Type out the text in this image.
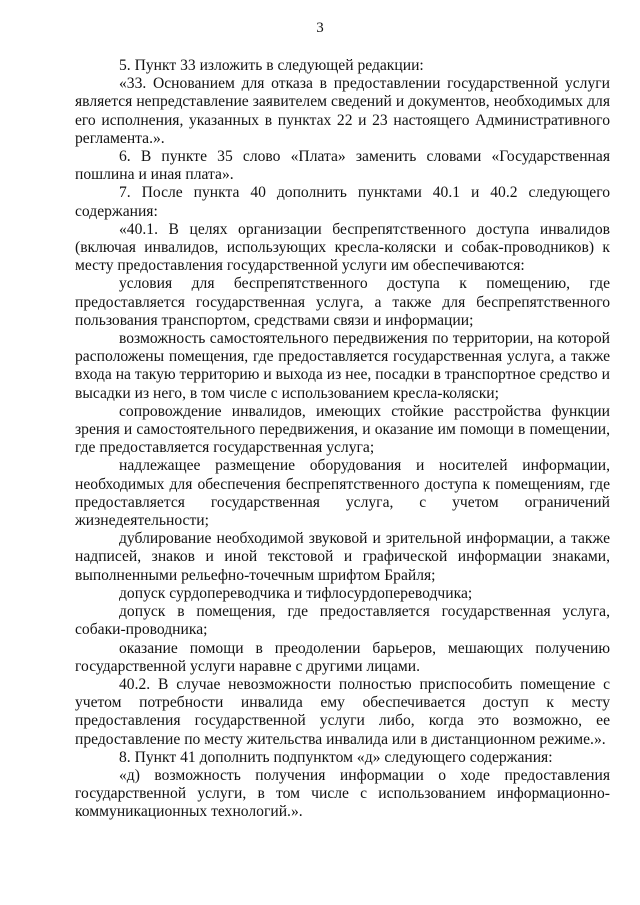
3

5. Пункт 33 изложить в следующей редакции:

«33. Основанием для отказа в предоставлении государственной услуги является непредставление заявителем сведений и документов, необходимых для его исполнения, указанных в пунктах 22 и 23 настоящего Административного регламента.».

6. В пункте 35 слово «Плата» заменить словами «Государственная пошлина и иная плата».

7. После пункта 40 дополнить пунктами 40.1 и 40.2 следующего содержания:

«40.1. В целях организации беспрепятственного доступа инвалидов (включая инвалидов, использующих кресла-коляски и собак-проводников) к месту предоставления государственной услуги им обеспечиваются:

условия для беспрепятственного доступа к помещению, где предоставляется государственная услуга, а также для беспрепятственного пользования транспортом, средствами связи и информации;

возможность самостоятельного передвижения по территории, на которой расположены помещения, где предоставляется государственная услуга, а также входа на такую территорию и выхода из нее, посадки в транспортное средство и высадки из него, в том числе с использованием кресла-коляски;

сопровождение инвалидов, имеющих стойкие расстройства функции зрения и самостоятельного передвижения, и оказание им помощи в помещении, где предоставляется государственная услуга;

надлежащее размещение оборудования и носителей информации, необходимых для обеспечения беспрепятственного доступа к помещениям, где предоставляется государственная услуга, с учетом ограничений жизнедеятельности;

дублирование необходимой звуковой и зрительной информации, а также надписей, знаков и иной текстовой и графической информации знаками, выполненными рельефно-точечным шрифтом Брайля;

допуск сурдопереводчика и тифлосурдопереводчика;

допуск в помещения, где предоставляется государственная услуга, собаки-проводника;

оказание помощи в преодолении барьеров, мешающих получению государственной услуги наравне с другими лицами.

40.2. В случае невозможности полностью приспособить помещение с учетом потребности инвалида ему обеспечивается доступ к месту предоставления государственной услуги либо, когда это возможно, ее предоставление по месту жительства инвалида или в дистанционном режиме.».

8. Пункт 41 дополнить подпунктом «д» следующего содержания:

«д) возможность получения информации о ходе предоставления государственной услуги, в том числе с использованием информационно-коммуникационных технологий.».
